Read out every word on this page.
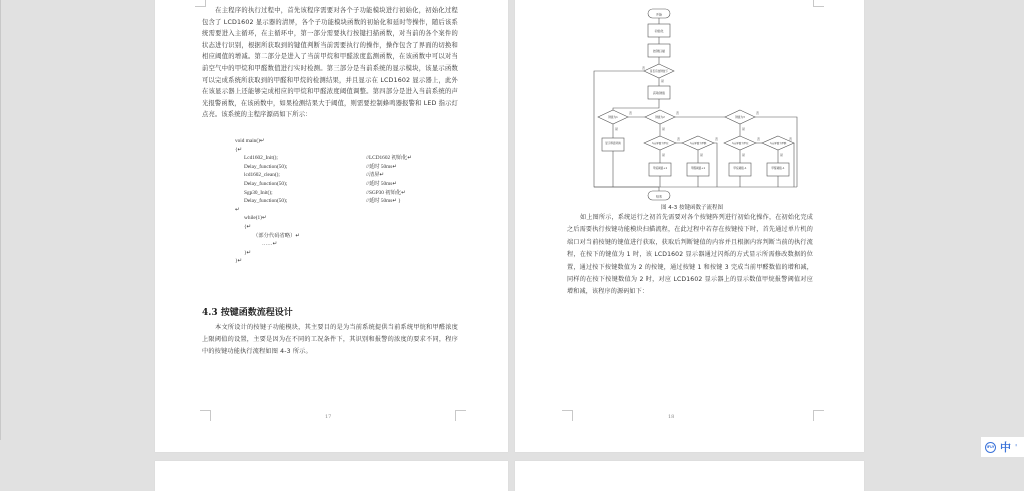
在主程序的执行过程中，首先该程序需要对各个子功能模块进行初始化，初始化过程包含了 LCD1602 显示器的清屏，各个子功能模块函数的初始化和延时等操作，随后该系统需要进入主循环，在主循环中，第一部分需要执行按键扫描函数，对当前的各个案件的状态进行识别，根据所获取到的键值判断当前需要执行的操作，操作包含了界面的切换和相应阈值的增减。第二部分是进入了当前甲烷和甲醛浓度监测函数，在该函数中可以对当前空气中的甲烷和甲醛数值进行实时检测。第三部分是当前系统的显示模块，该显示函数可以完成系统所获取到的甲醛和甲烷的检测结果，并且显示在 LCD1602 显示器上，此外在该显示器上还能够完成相应的甲烷和甲醛浓度阈值调整。第四部分是进入当前系统的声光报警函数，在该函数中，如果检测结果大于阈值，则需要控制蜂鸣器报警和 LED 指示灯点亮。该系统的主程序源码如下所示：
void main()↵
{↵
Lcd1602_Init();	//LCD1602 初始化↵
Delay_function(50);	//延时 50ms↵
lcd1602_clean();	//清屏↵
Delay_function(50);	//延时 50ms↵
Sgp30_Init();	//SGP30 初始化↵
Delay_function(50);	//延时 50ms↵ }
↵
while(1)↵
{↵
（部分代码省略）↵
……↵
}↵
}↵
4.3 按键函数流程设计
本文所设计的按键子功能模块，其主要目的是为当前系统提供当前系统甲烷和甲醛浓度上限阈值的设置，主要是因为在不同的工况条件下，其识别和报警的浓度的要求不同，程序中的按键功能执行流程如图 4-3 所示。
17
图 4-3 按键函数子流程图
如上图所示，系统运行之初首先需要对各个按键阵列进行初始化操作，在初始化完成之后需要执行按键功能模块扫描流程，在此过程中若存在按键按下时，首先通过单片机的端口对当前按键的键值进行获取，获取后判断键值的内容并且根据内容判断当前的执行流程，在按下的键值为 1 时，该 LCD1602 显示器通过闪烁的方式显示所需修改数据的位置，通过按下按键数值为 2 的按键，通过按键 1 和按键 3 完成当前甲醛数值的增和减，同样的在按下按键数值为 2 时，对应 LCD1602 显示器上的显示数值甲烷报警阈值对应增和减，该程序的源码如下：
18
开始
初始化
按键扫描
是否有按键按下
否
是
获取键值
键值为1
否
是
显示界面切换
键值为2
否
是
当前界面为甲烷
否
当前界面为甲醛
否
是
甲烷阈值+1
是
甲醛阈值+1
键值为3
否
是
当前界面为甲烷
否
当前界面为甲醛
否
是
甲烷阈值-1
是
甲醛阈值-1
结束
iFLY 中 '
